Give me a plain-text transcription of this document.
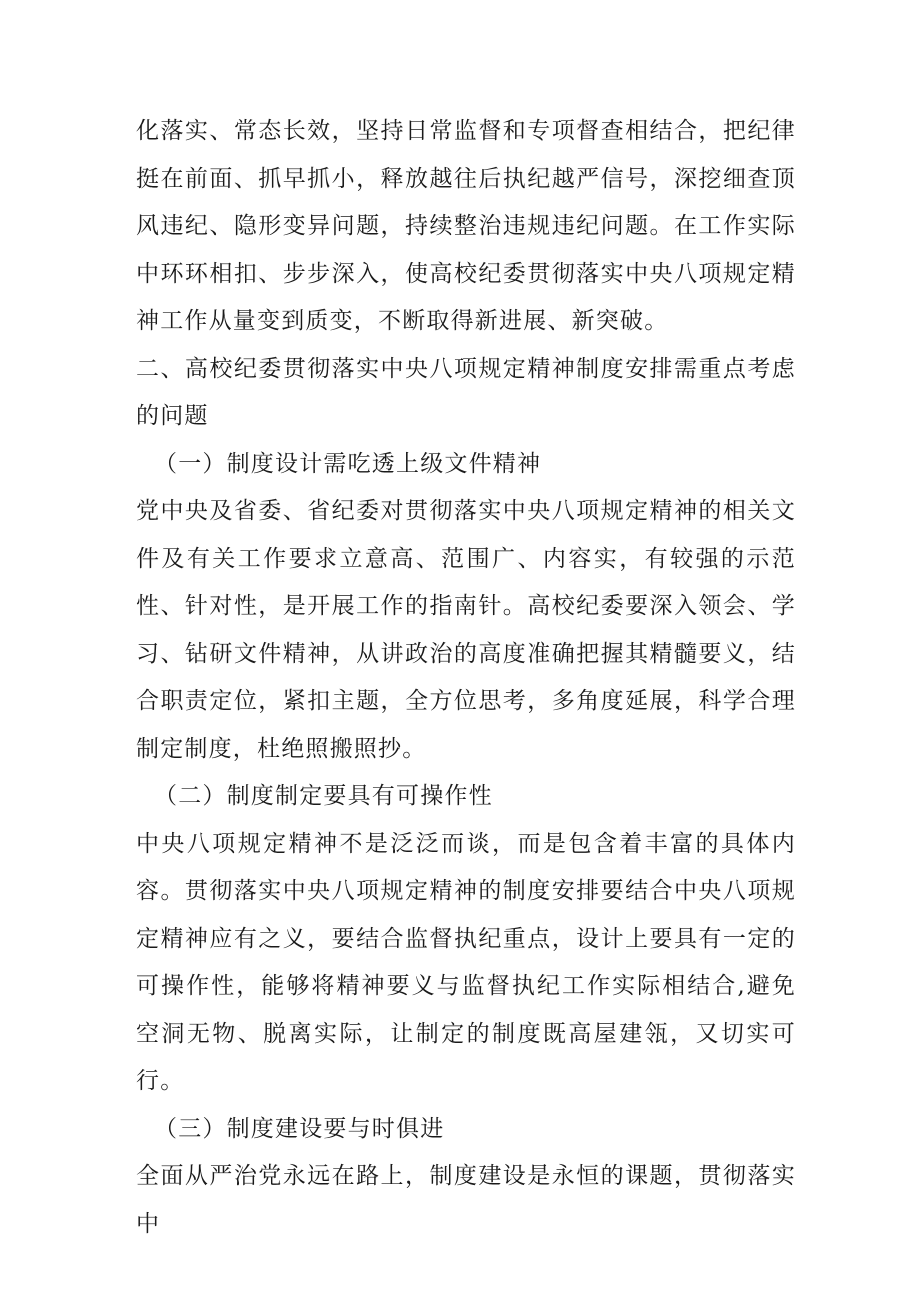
化落实、常态长效，坚持日常监督和专项督查相结合，把纪律挺在前面、抓早抓小，释放越往后执纪越严信号，深挖细查顶风违纪、隐形变异问题，持续整治违规违纪问题。在工作实际中环环相扣、步步深入，使高校纪委贯彻落实中央八项规定精神工作从量变到质变，不断取得新进展、新突破。

二、高校纪委贯彻落实中央八项规定精神制度安排需重点考虑的问题

（一）制度设计需吃透上级文件精神

党中央及省委、省纪委对贯彻落实中央八项规定精神的相关文件及有关工作要求立意高、范围广、内容实，有较强的示范性、针对性，是开展工作的指南针。高校纪委要深入领会、学习、钻研文件精神，从讲政治的高度准确把握其精髓要义，结合职责定位，紧扣主题，全方位思考，多角度延展，科学合理制定制度，杜绝照搬照抄。

（二）制度制定要具有可操作性

中央八项规定精神不是泛泛而谈，而是包含着丰富的具体内容。贯彻落实中央八项规定精神的制度安排要结合中央八项规定精神应有之义，要结合监督执纪重点，设计上要具有一定的可操作性，能够将精神要义与监督执纪工作实际相结合,避免空洞无物、脱离实际，让制定的制度既高屋建瓴，又切实可行。

（三）制度建设要与时俱进

全面从严治党永远在路上，制度建设是永恒的课题，贯彻落实中
